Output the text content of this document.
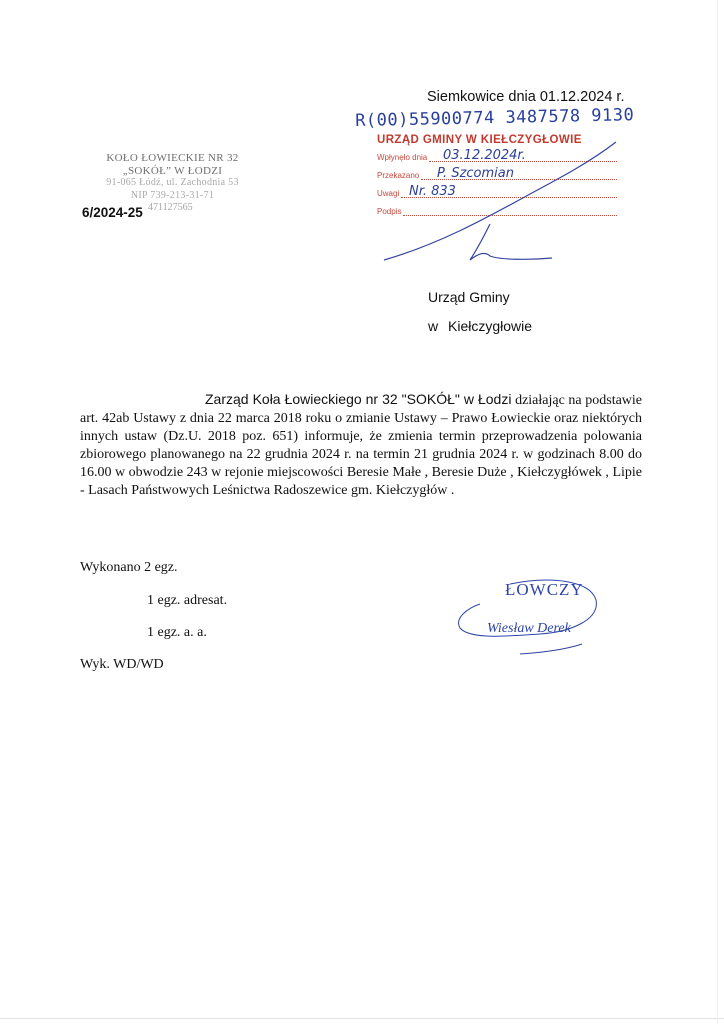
Siemkowice dnia 01.12.2024 r.
KOŁO ŁOWIECKIE NR 32
„SOKÓŁ” W ŁODZI
91-065 Łódź, ul. Zachodnia 53
NIP 739-213-31-71
471127565
6/2024-25
R(00)55900774 3487578 9130
URZĄD GMINY W KIEŁCZYGŁOWIE
Wpłynęło dnia 03.12.2024r.
Przekazano P. Szcomian
Uwagi Nr. 833
Podpis
Urząd Gminy
w Kiełczygłowie
Zarząd Koła Łowieckiego nr 32 "SOKÓŁ" w Łodzi działając na podstawie art. 42ab Ustawy z dnia 22 marca 2018 roku o zmianie Ustawy – Prawo Łowieckie oraz niektórych innych ustaw (Dz.U. 2018 poz. 651) informuje, że zmienia termin przeprowadzenia polowania zbiorowego planowanego na 22 grudnia 2024 r. na termin 21 grudnia 2024 r. w godzinach 8.00 do 16.00 w obwodzie 243 w rejonie miejscowości Beresie Małe , Beresie Duże , Kiełczygłówek , Lipie - Lasach Państwowych Leśnictwa Radoszewice gm. Kiełczygłów .
Wykonano 2 egz.
1 egz. adresat.
1 egz. a. a.
Wyk. WD/WD
ŁOWCZY
Wiesław Derek
